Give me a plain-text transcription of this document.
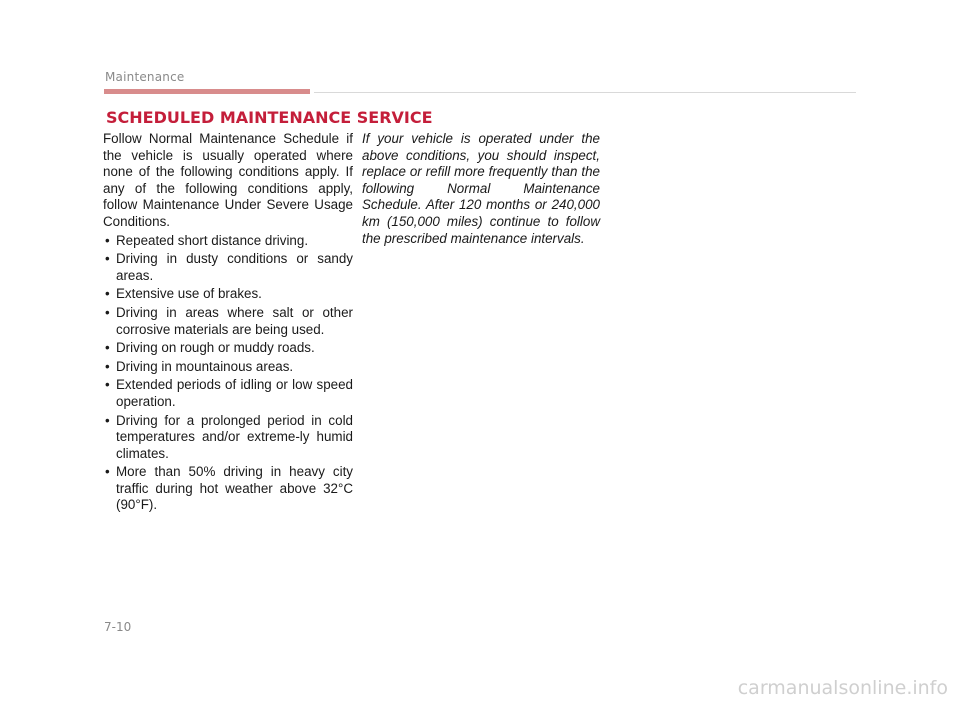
Maintenance
SCHEDULED MAINTENANCE SERVICE

Follow Normal Maintenance Schedule if the vehicle is usually operated where none of the following conditions apply. If any of the following conditions apply, follow Maintenance Under Severe Usage Conditions.

• Repeated short distance driving.
• Driving in dusty conditions or sandy areas.
• Extensive use of brakes.
• Driving in areas where salt or other corrosive materials are being used.
• Driving on rough or muddy roads.
• Driving in mountainous areas.
• Extended periods of idling or low speed operation.
• Driving for a prolonged period in cold temperatures and/or extreme-ly humid climates.
• More than 50% driving in heavy city traffic during hot weather above 32°C (90°F).

If your vehicle is operated under the above conditions, you should inspect, replace or refill more frequently than the following Normal Maintenance Schedule. After 120 months or 240,000 km (150,000 miles) continue to follow the prescribed maintenance intervals.

7-10
carmanualsonline.info
